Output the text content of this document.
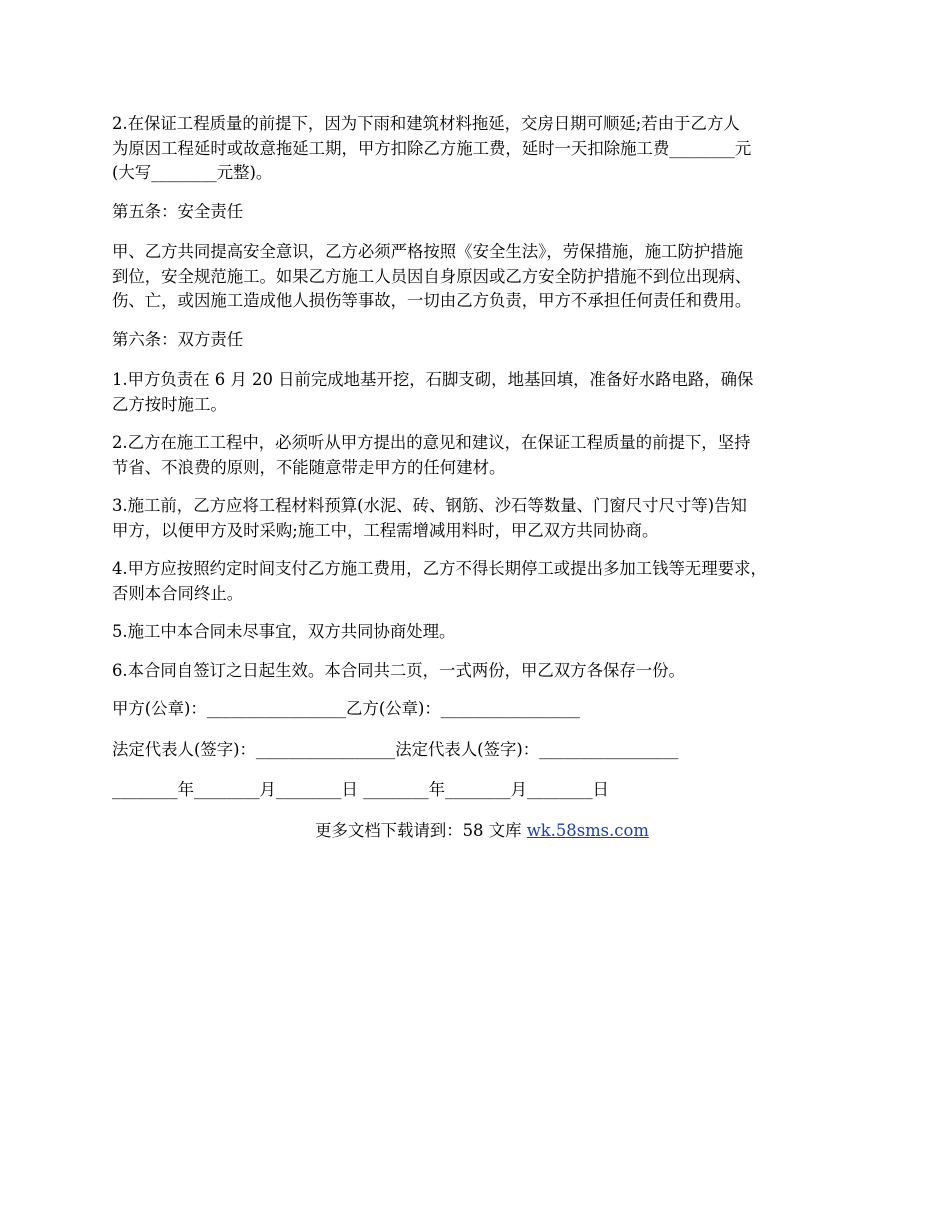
2.在保证工程质量的前提下，因为下雨和建筑材料拖延，交房日期可顺延;若由于乙方人

为原因工程延时或故意拖延工期，甲方扣除乙方施工费，延时一天扣除施工费________元

(大写________元整)。

第五条：安全责任

甲、乙方共同提高安全意识，乙方必须严格按照《安全生法》，劳保措施，施工防护措施

到位，安全规范施工。如果乙方施工人员因自身原因或乙方安全防护措施不到位出现病、

伤、亡，或因施工造成他人损伤等事故，一切由乙方负责，甲方不承担任何责任和费用。

第六条：双方责任

1.甲方负责在 6 月 20 日前完成地基开挖，石脚支砌，地基回填，准备好水路电路，确保

乙方按时施工。

2.乙方在施工工程中，必须听从甲方提出的意见和建议，在保证工程质量的前提下，坚持

节省、不浪费的原则，不能随意带走甲方的任何建材。

3.施工前，乙方应将工程材料预算(水泥、砖、钢筋、沙石等数量、门窗尺寸尺寸等)告知

甲方，以便甲方及时采购;施工中，工程需增减用料时，甲乙双方共同协商。

4.甲方应按照约定时间支付乙方施工费用，乙方不得长期停工或提出多加工钱等无理要求，

否则本合同终止。

5.施工中本合同未尽事宜，双方共同协商处理。

6.本合同自签订之日起生效。本合同共二页，一式两份，甲乙双方各保存一份。

甲方(公章)：_________________乙方(公章)：_________________

法定代表人(签字)：_________________法定代表人(签字)：_________________

________年________月________日 ________年________月________日

更多文档下载请到：58 文库 wk.58sms.com
